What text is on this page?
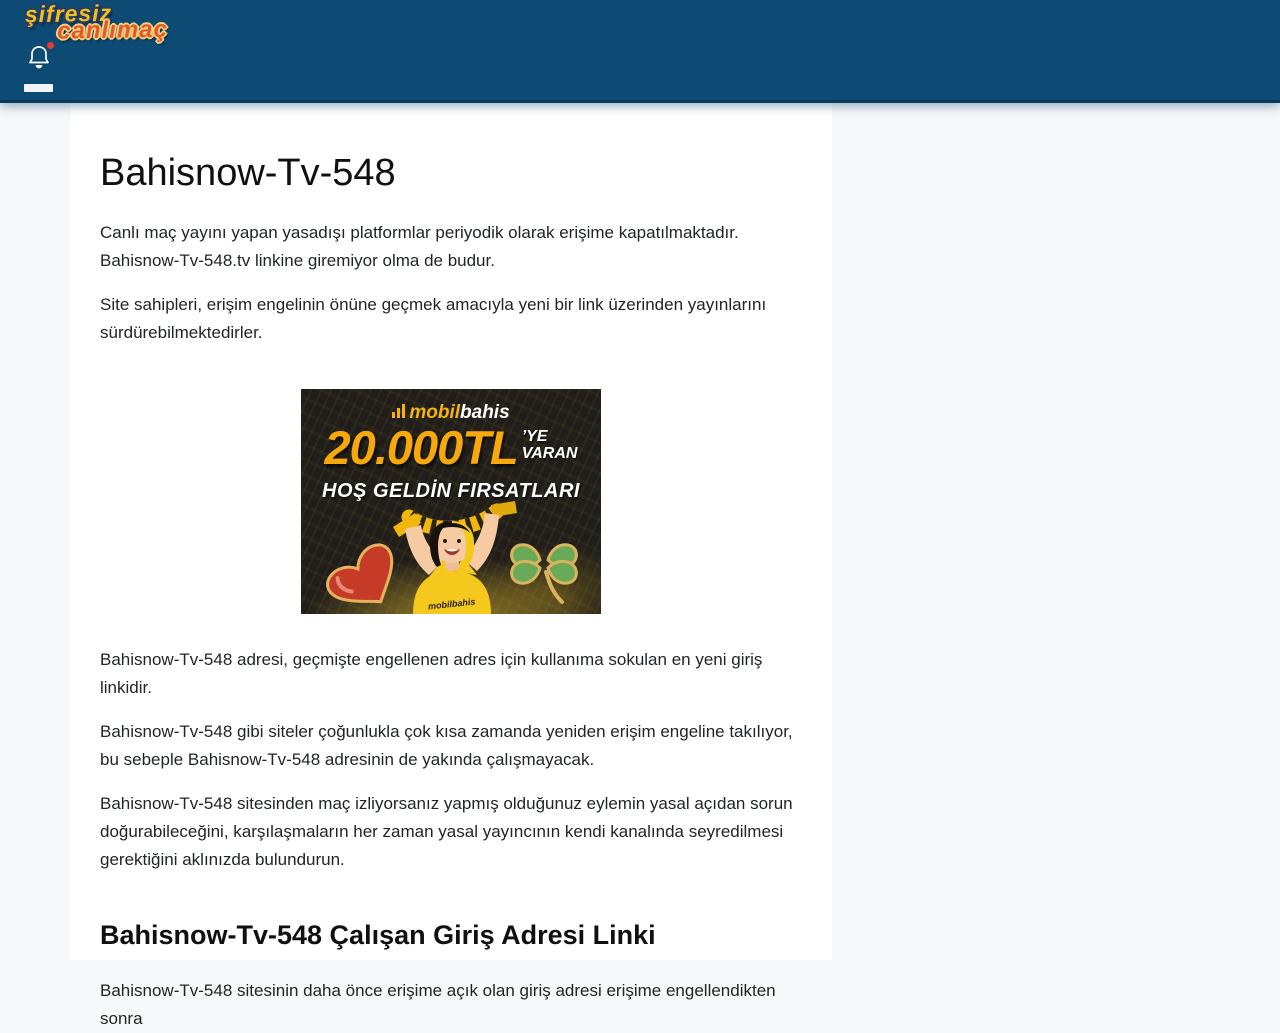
şifresiz
canlımaç
Bahisnow-Tv-548

Canlı maç yayını yapan yasadışı platformlar periyodik olarak erişime kapatılmaktadır. Bahisnow-Tv-548.tv linkine giremiyor olma de budur.

Site sahipleri, erişim engelinin önüne geçmek amacıyla yeni bir link üzerinden yayınlarını sürdürebilmektedirler.

mobilbahis
20.000TL ’YE
VARAN
HOŞ GELDİN FIRSATLARI
mobilbahis

Bahisnow-Tv-548 adresi, geçmişte engellenen adres için kullanıma sokulan en yeni giriş linkidir.

Bahisnow-Tv-548 gibi siteler çoğunlukla çok kısa zamanda yeniden erişim engeline takılıyor, bu sebeple Bahisnow-Tv-548 adresinin de yakında çalışmayacak.

Bahisnow-Tv-548 sitesinden maç izliyorsanız yapmış olduğunuz eylemin yasal açıdan sorun doğurabileceğini, karşılaşmaların her zaman yasal yayıncının kendi kanalında seyredilmesi gerektiğini aklınızda bulundurun.

Bahisnow-Tv-548 Çalışan Giriş Adresi Linki

Bahisnow-Tv-548 sitesinin daha önce erişime açık olan giriş adresi erişime engellendikten sonra
